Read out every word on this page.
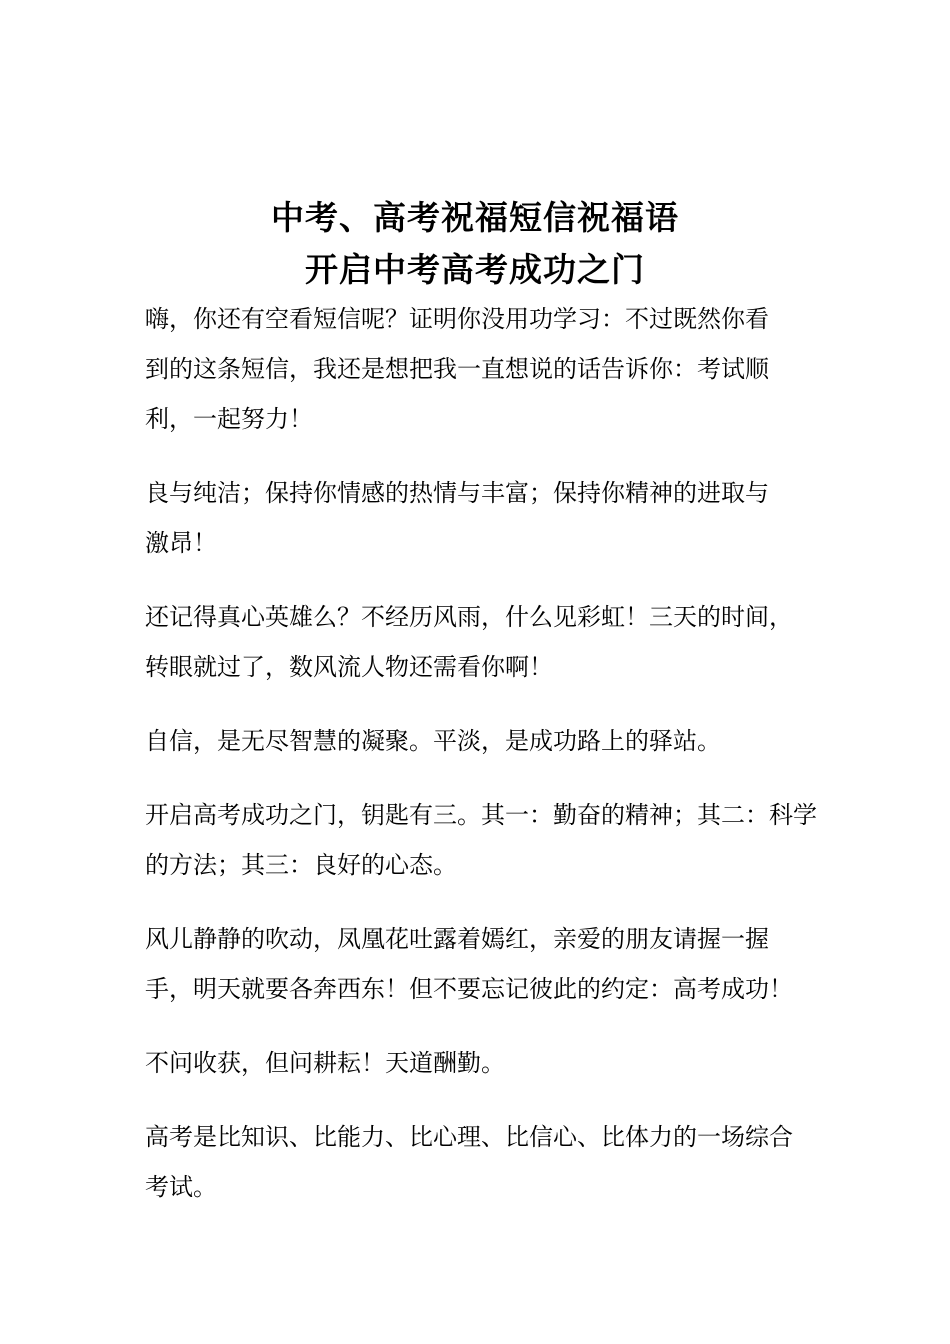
中考、高考祝福短信祝福语

开启中考高考成功之门

嗨，你还有空看短信呢？证明你没用功学习：不过既然你看
到的这条短信，我还是想把我一直想说的话告诉你：考试顺
利，一起努力！

良与纯洁；保持你情感的热情与丰富；保持你精神的进取与
激昂！

还记得真心英雄么？不经历风雨，什么见彩虹！三天的时间，
转眼就过了，数风流人物还需看你啊！

自信，是无尽智慧的凝聚。平淡，是成功路上的驿站。

开启高考成功之门，钥匙有三。其一：勤奋的精神；其二：科学
的方法；其三：良好的心态。

风儿静静的吹动，凤凰花吐露着嫣红，亲爱的朋友请握一握
手，明天就要各奔西东！但不要忘记彼此的约定：高考成功！

不问收获，但问耕耘！天道酬勤。

高考是比知识、比能力、比心理、比信心、比体力的一场综合
考试。
